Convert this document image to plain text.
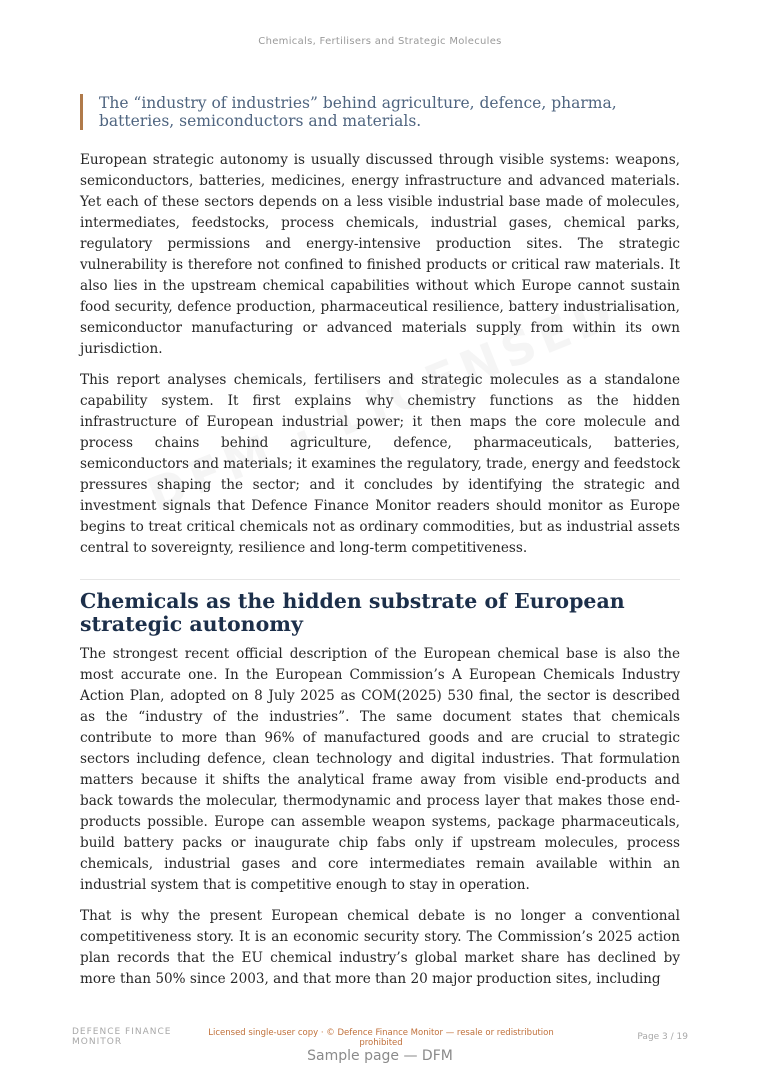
Chemicals, Fertilisers and Strategic Molecules
The “industry of industries” behind agriculture, defence, pharma, batteries, semiconductors and materials.

European strategic autonomy is usually discussed through visible systems: weapons, semiconductors, batteries, medicines, energy infrastructure and advanced materials. Yet each of these sectors depends on a less visible industrial base made of molecules, intermediates, feedstocks, process chemicals, industrial gases, chemical parks, regulatory permissions and energy-intensive production sites. The strategic vulnerability is therefore not confined to finished products or critical raw materials. It also lies in the upstream chemical capabilities without which Europe cannot sustain food security, defence production, pharmaceutical resilience, battery industrialisation, semiconductor manufacturing or advanced materials supply from within its own jurisdiction.

This report analyses chemicals, fertilisers and strategic molecules as a standalone capability system. It first explains why chemistry functions as the hidden infrastructure of European industrial power; it then maps the core molecule and process chains behind agriculture, defence, pharmaceuticals, batteries, semiconductors and materials; it examines the regulatory, trade, energy and feedstock pressures shaping the sector; and it concludes by identifying the strategic and investment signals that Defence Finance Monitor readers should monitor as Europe begins to treat critical chemicals not as ordinary commodities, but as industrial assets central to sovereignty, resilience and long-term competitiveness.

Chemicals as the hidden substrate of European strategic autonomy

The strongest recent official description of the European chemical base is also the most accurate one. In the European Commission’s A European Chemicals Industry Action Plan, adopted on 8 July 2025 as COM(2025) 530 final, the sector is described as the “industry of the industries”. The same document states that chemicals contribute to more than 96% of manufactured goods and are crucial to strategic sectors including defence, clean technology and digital industries. That formulation matters because it shifts the analytical frame away from visible end-products and back towards the molecular, thermodynamic and process layer that makes those end-products possible. Europe can assemble weapon systems, package pharmaceuticals, build battery packs or inaugurate chip fabs only if upstream molecules, process chemicals, industrial gases and core intermediates remain available within an industrial system that is competitive enough to stay in operation.

That is why the present European chemical debate is no longer a conventional competitiveness story. It is an economic security story. The Commission’s 2025 action plan records that the EU chemical industry’s global market share has declined by more than 50% since 2003, and that more than 20 major production sites, including

DEFENCE FINANCE MONITOR
Licensed single-user copy · © Defence Finance Monitor — resale or redistribution prohibited
Page 3 / 19
Sample page — DFM
